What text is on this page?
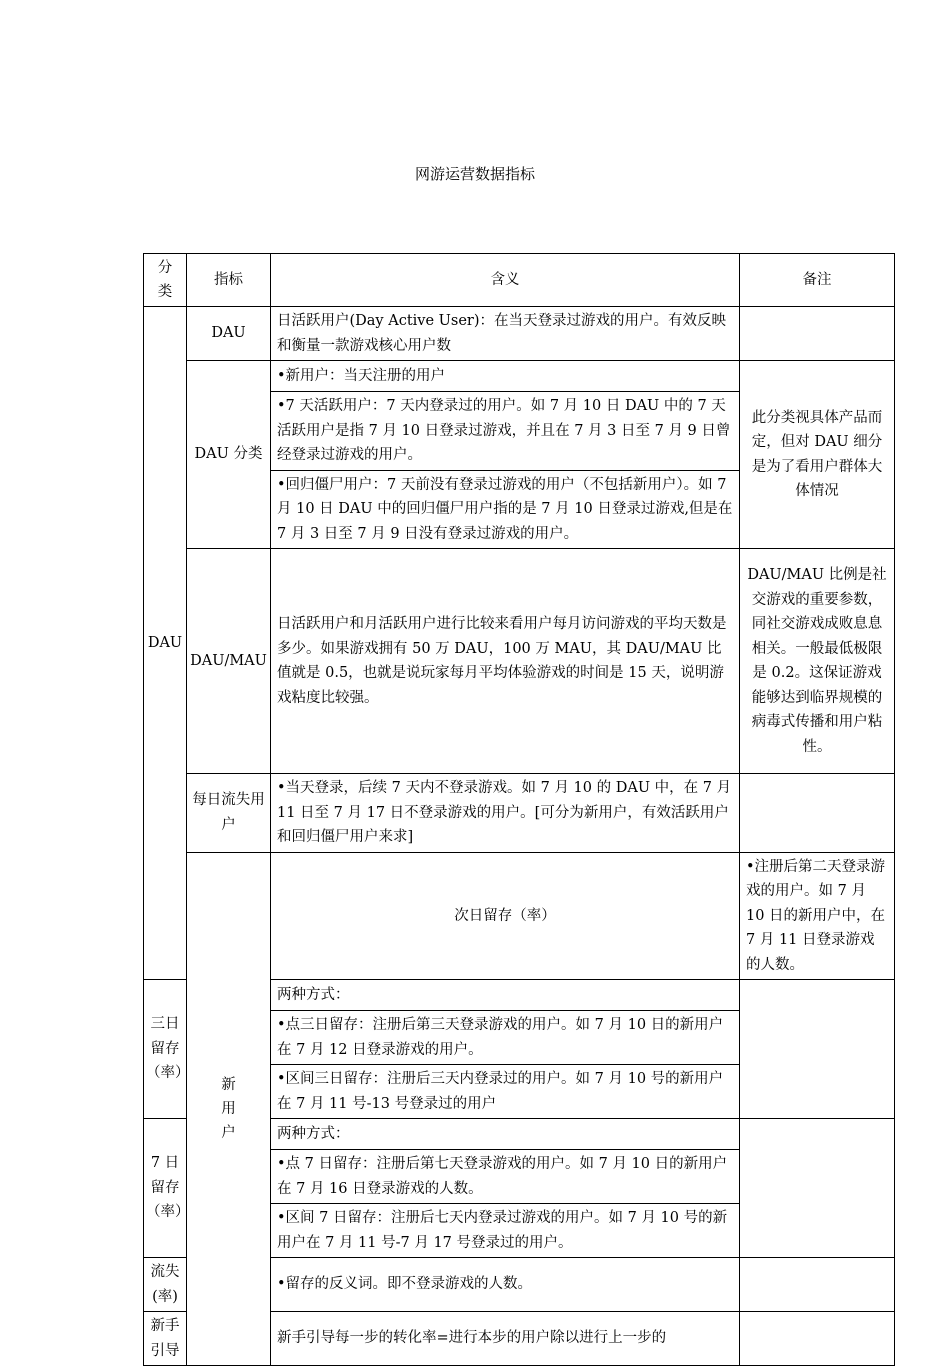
网游运营数据指标
分类	指标	含义	备注	
DAU	DAU	日活跃用户(Day Active User)：在当天登录过游戏的用户。有效反映和衡量一款游戏核心用户数		
	DAU 分类	•新用户：当天注册的用户	此分类视具体产品而定，但对 DAU 细分是为了看用户群体大体情况	
		•7 天活跃用户：7 天内登录过的用户。如 7 月 10 日 DAU 中的 7 天活跃用户是指 7 月 10 日登录过游戏，并且在 7 月 3 日至 7 月 9 日曾经登录过游戏的用户。		
		•回归僵尸用户：7 天前没有登录过游戏的用户（不包括新用户）。如 7 月 10 日 DAU 中的回归僵尸用户指的是 7 月 10 日登录过游戏,但是在 7 月 3 日至 7 月 9 日没有登录过游戏的用户。		
	DAU/MAU	日活跃用户和月活跃用户进行比较来看用户每月访问游戏的平均天数是多少。如果游戏拥有 50 万 DAU，100 万 MAU，其 DAU/MAU 比值就是 0.5，也就是说玩家每月平均体验游戏的时间是 15 天，说明游戏粘度比较强。	DAU/MAU 比例是社交游戏的重要参数，同社交游戏成败息息相关。一般最低极限是 0.2。这保证游戏能够达到临界规模的病毒式传播和用户粘性。	
	每日流失用户	•当天登录，后续 7 天内不登录游戏。如 7 月 10 的 DAU 中，在 7 月 11 日至 7 月 17 日不登录游戏的用户。[可分为新用户，有效活跃用户和回归僵尸用户来求]		

	新用户	次日留存（率）	•注册后第二天登录游戏的用户。如 7 月 10 日的新用户中，在 7 月 11 日登录游戏的人数。	
三日留存（率）		两种方式：		
		•点三日留存：注册后第三天登录游戏的用户。如 7 月 10 日的新用户在 7 月 12 日登录游戏的用户。		
		•区间三日留存：注册后三天内登录过的用户。如 7 月 10 号的新用户在 7 月 11 号-13 号登录过的用户		
7 日留存（率）		两种方式：		
		•点 7 日留存：注册后第七天登录游戏的用户。如 7 月 10 日的新用户在 7 月 16 日登录游戏的人数。		
		•区间 7 日留存：注册后七天内登录过游戏的用户。如 7 月 10 号的新用户在 7 月 11 号-7 月 17 号登录过的用户。		
流失(率)		•留存的反义词。即不登录游戏的人数。		
新手引导		新手引导每一步的转化率=进行本步的用户除以进行上一步的		
